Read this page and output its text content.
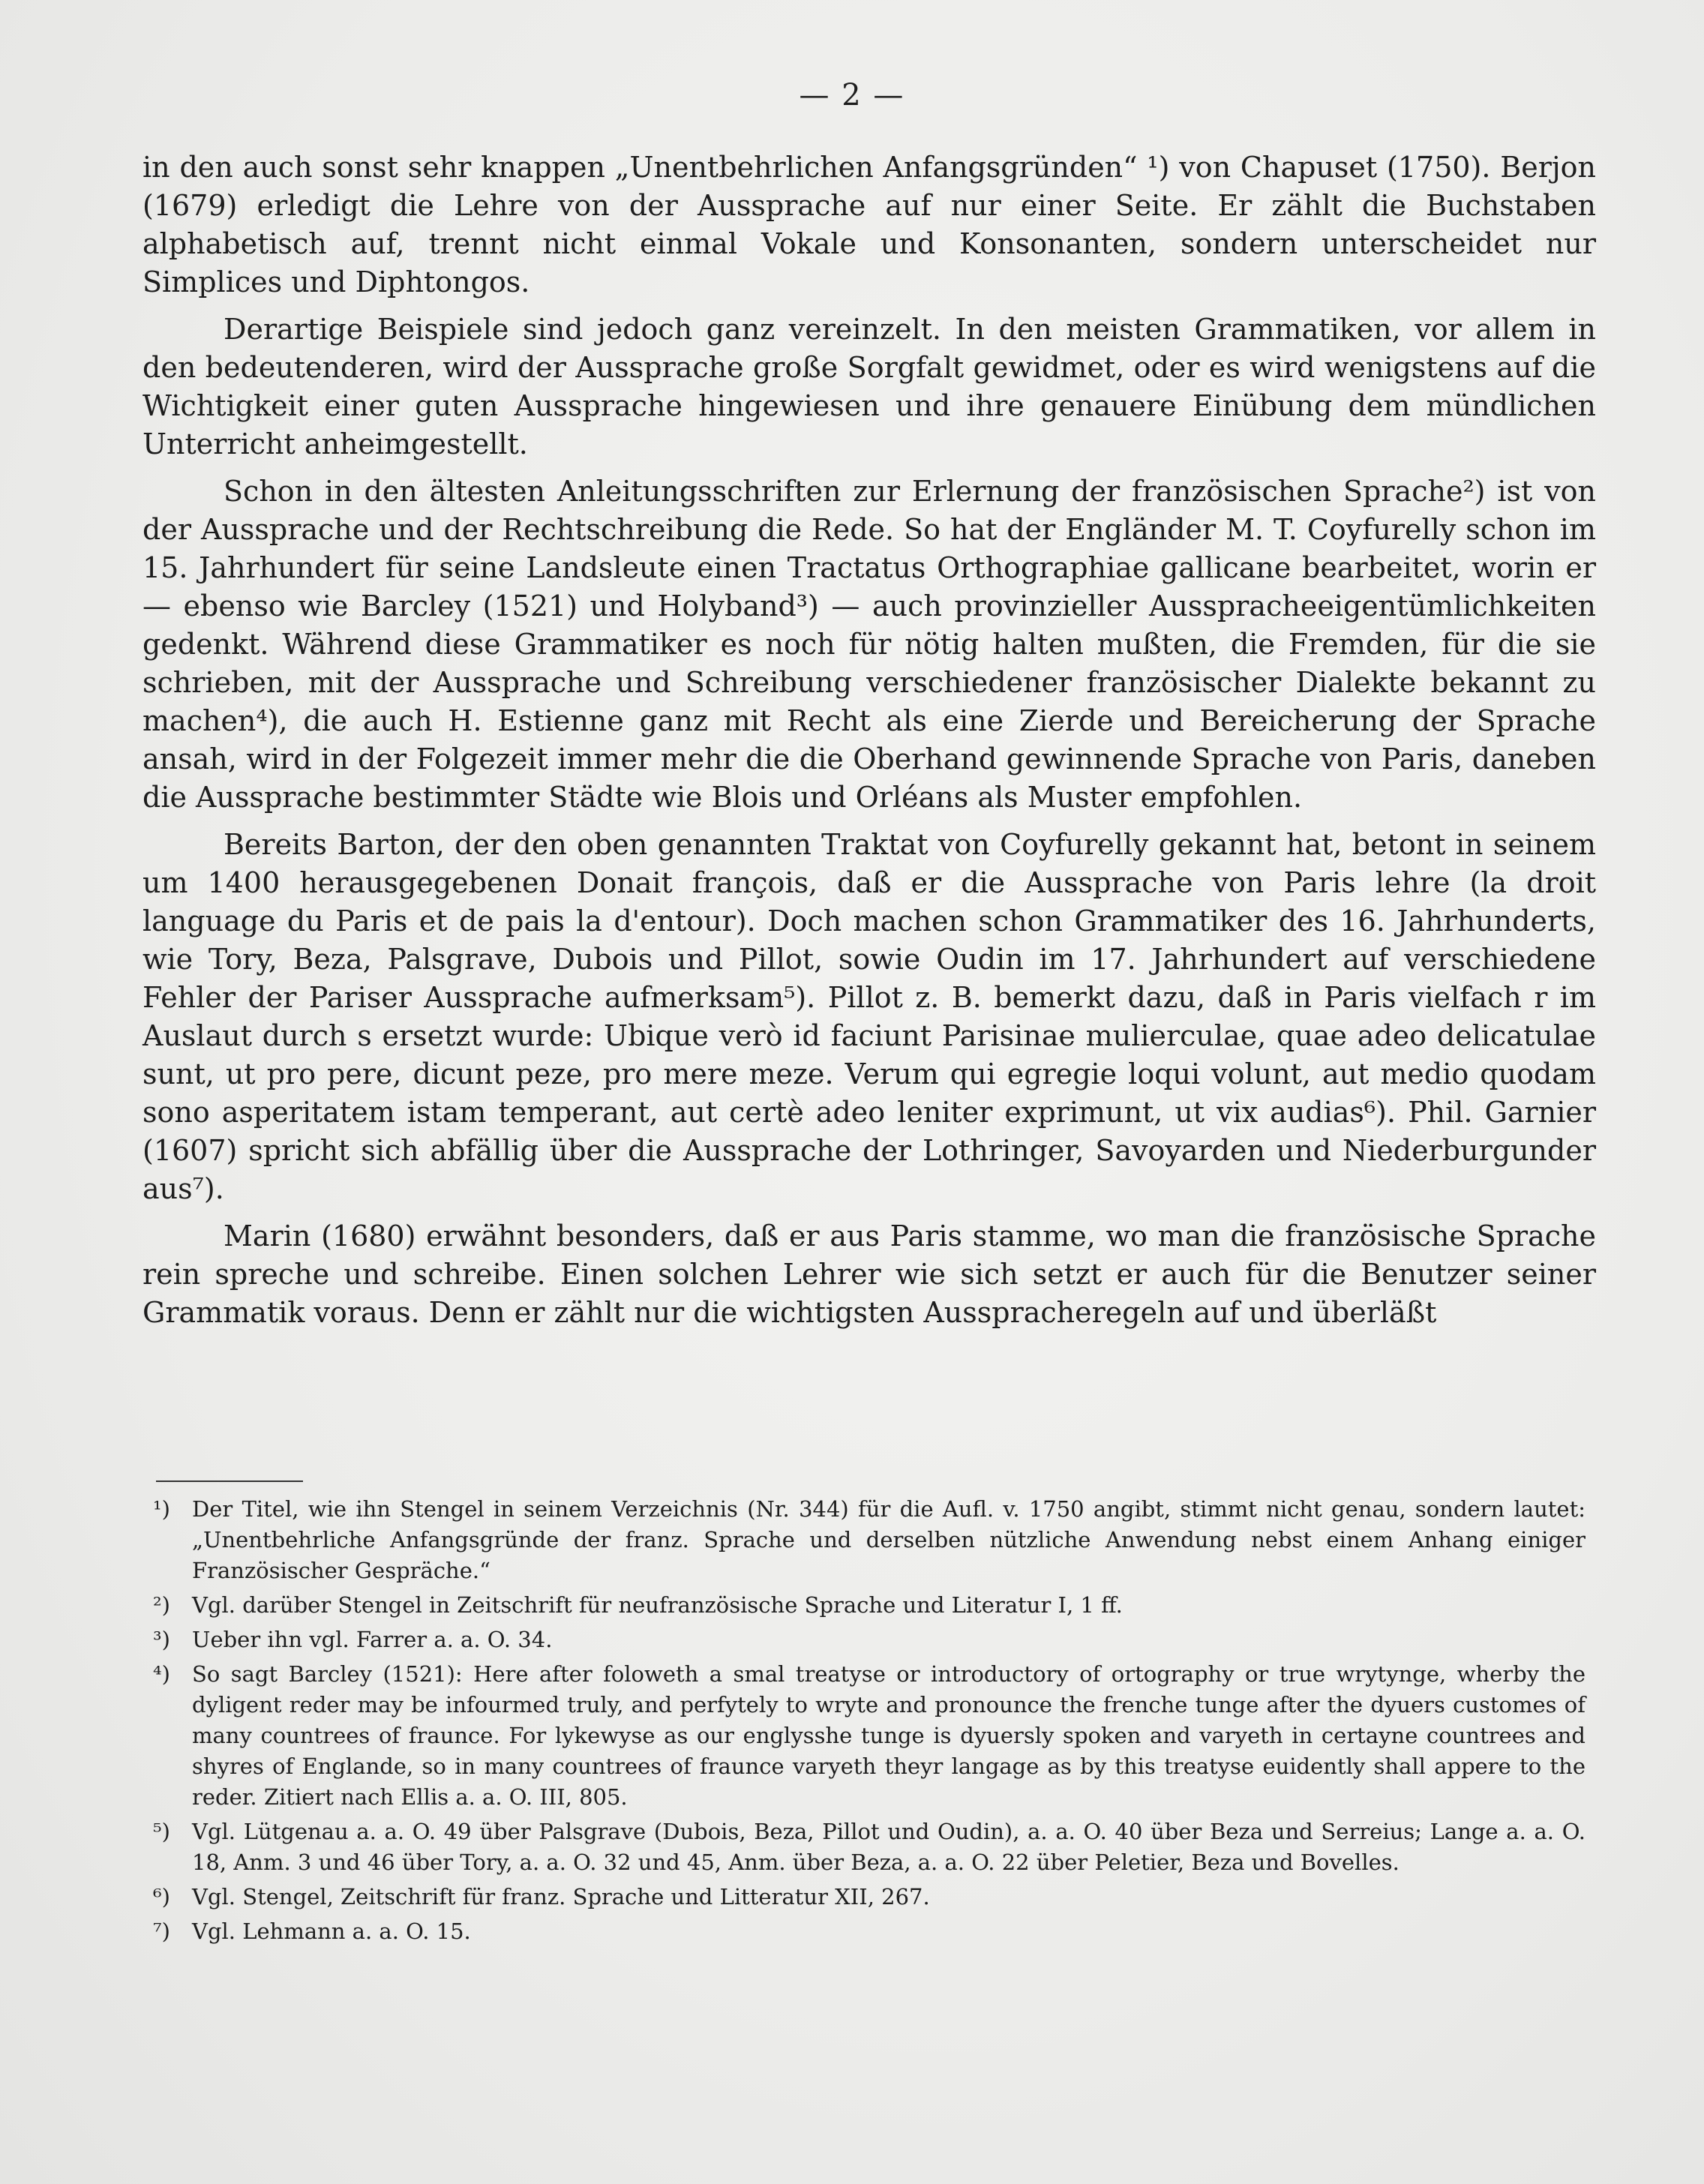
— 2 —

in den auch sonst sehr knappen „Unentbehrlichen Anfangsgründen“ ¹) von Chapuset (1750). Berjon (1679) erledigt die Lehre von der Aussprache auf nur einer Seite. Er zählt die Buchstaben alphabetisch auf, trennt nicht einmal Vokale und Konsonanten, sondern unterscheidet nur Simplices und Diphtongos.

Derartige Beispiele sind jedoch ganz vereinzelt. In den meisten Grammatiken, vor allem in den bedeutenderen, wird der Aussprache große Sorgfalt gewidmet, oder es wird wenigstens auf die Wichtigkeit einer guten Aussprache hingewiesen und ihre genauere Einübung dem mündlichen Unterricht anheimgestellt.

Schon in den ältesten Anleitungsschriften zur Erlernung der französischen Sprache²) ist von der Aussprache und der Rechtschreibung die Rede. So hat der Engländer M. T. Coyfurelly schon im 15. Jahrhundert für seine Landsleute einen Tractatus Orthographiae gallicane bearbeitet, worin er — ebenso wie Barcley (1521) und Holyband³) — auch provinzieller Ausspracheeigentümlichkeiten gedenkt. Während diese Grammatiker es noch für nötig halten mußten, die Fremden, für die sie schrieben, mit der Aussprache und Schreibung verschiedener französischer Dialekte bekannt zu machen⁴), die auch H. Estienne ganz mit Recht als eine Zierde und Bereicherung der Sprache ansah, wird in der Folgezeit immer mehr die die Oberhand gewinnende Sprache von Paris, daneben die Aussprache bestimmter Städte wie Blois und Orléans als Muster empfohlen.

Bereits Barton, der den oben genannten Traktat von Coyfurelly gekannt hat, betont in seinem um 1400 herausgegebenen Donait françois, daß er die Aussprache von Paris lehre (la droit language du Paris et de pais la d'entour). Doch machen schon Grammatiker des 16. Jahrhunderts, wie Tory, Beza, Palsgrave, Dubois und Pillot, sowie Oudin im 17. Jahrhundert auf verschiedene Fehler der Pariser Aussprache aufmerksam⁵). Pillot z. B. bemerkt dazu, daß in Paris vielfach r im Auslaut durch s ersetzt wurde: Ubique verò id faciunt Parisinae mulierculae, quae adeo delicatulae sunt, ut pro pere, dicunt peze, pro mere meze. Verum qui egregie loqui volunt, aut medio quodam sono asperitatem istam temperant, aut certè adeo leniter exprimunt, ut vix audias⁶). Phil. Garnier (1607) spricht sich abfällig über die Aussprache der Lothringer, Savoyarden und Niederburgunder aus⁷).

Marin (1680) erwähnt besonders, daß er aus Paris stamme, wo man die französische Sprache rein spreche und schreibe. Einen solchen Lehrer wie sich setzt er auch für die Benutzer seiner Grammatik voraus. Denn er zählt nur die wichtigsten Ausspracheregeln auf und überläßt

¹) Der Titel, wie ihn Stengel in seinem Verzeichnis (Nr. 344) für die Aufl. v. 1750 angibt, stimmt nicht genau, sondern lautet: „Unentbehrliche Anfangsgründe der franz. Sprache und derselben nützliche Anwendung nebst einem Anhang einiger Französischer Gespräche.“
²) Vgl. darüber Stengel in Zeitschrift für neufranzösische Sprache und Literatur I, 1 ff.
³) Ueber ihn vgl. Farrer a. a. O. 34.
⁴) So sagt Barcley (1521): Here after foloweth a smal treatyse or introductory of ortography or true wrytynge, wherby the dyligent reder may be infourmed truly, and perfytely to wryte and pronounce the frenche tunge after the dyuers customes of many countrees of fraunce. For lykewyse as our englysshe tunge is dyuersly spoken and varyeth in certayne countrees and shyres of Englande, so in many countrees of fraunce varyeth theyr langage as by this treatyse euidently shall appere to the reder. Zitiert nach Ellis a. a. O. III, 805.
⁵) Vgl. Lütgenau a. a. O. 49 über Palsgrave (Dubois, Beza, Pillot und Oudin), a. a. O. 40 über Beza und Serreius; Lange a. a. O. 18, Anm. 3 und 46 über Tory, a. a. O. 32 und 45, Anm. über Beza, a. a. O. 22 über Peletier, Beza und Bovelles.
⁶) Vgl. Stengel, Zeitschrift für franz. Sprache und Litteratur XII, 267.
⁷) Vgl. Lehmann a. a. O. 15.
